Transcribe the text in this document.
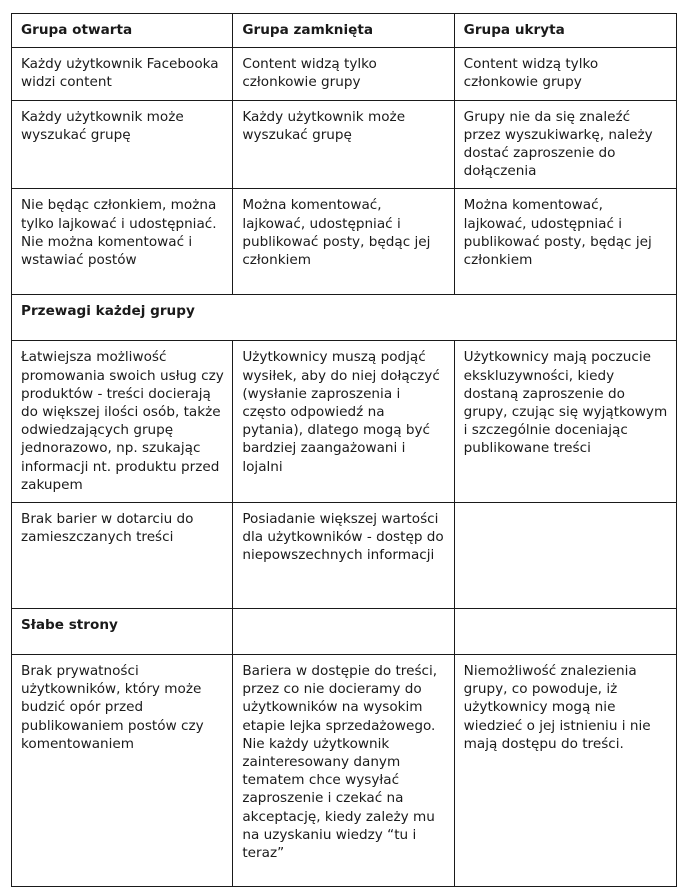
Grupa otwarta	Grupa zamknięta	Grupa ukryta
Każdy użytkownik Facebooka widzi content	Content widzą tylko członkowie grupy	Content widzą tylko członkowie grupy
Każdy użytkownik może wyszukać grupę	Każdy użytkownik może wyszukać grupę	Grupy nie da się znaleźć przez wyszukiwarkę, należy dostać zaproszenie do dołączenia
Nie będąc członkiem, można tylko lajkować i udostępniać. Nie można komentować i wstawiać postów	Można komentować, lajkować, udostępniać i publikować posty, będąc jej członkiem	Można komentować, lajkować, udostępniać i publikować posty, będąc jej członkiem
Przewagi każdej grupy		
Łatwiejsza możliwość promowania swoich usług czy produktów - treści docierają do większej ilości osób, także odwiedzających grupę jednorazowo, np. szukając informacji nt. produktu przed zakupem	Użytkownicy muszą podjąć wysiłek, aby do niej dołączyć (wysłanie zaproszenia i często odpowiedź na pytania), dlatego mogą być bardziej zaangażowani i lojalni	Użytkownicy mają poczucie ekskluzywności, kiedy dostaną zaproszenie do grupy, czując się wyjątkowym i szczególnie doceniając publikowane treści
Brak barier w dotarciu do zamieszczanych treści	Posiadanie większej wartości dla użytkowników - dostęp do niepowszechnych informacji	
Słabe strony		
Brak prywatności użytkowników, który może budzić opór przed publikowaniem postów czy komentowaniem	Bariera w dostępie do treści, przez co nie docieramy do użytkowników na wysokim etapie lejka sprzedażowego. Nie każdy użytkownik zainteresowany danym tematem chce wysyłać zaproszenie i czekać na akceptację, kiedy zależy mu na uzyskaniu wiedzy “tu i teraz”	Niemożliwość znalezienia grupy, co powoduje, iż użytkownicy mogą nie wiedzieć o jej istnieniu i nie mają dostępu do treści.
